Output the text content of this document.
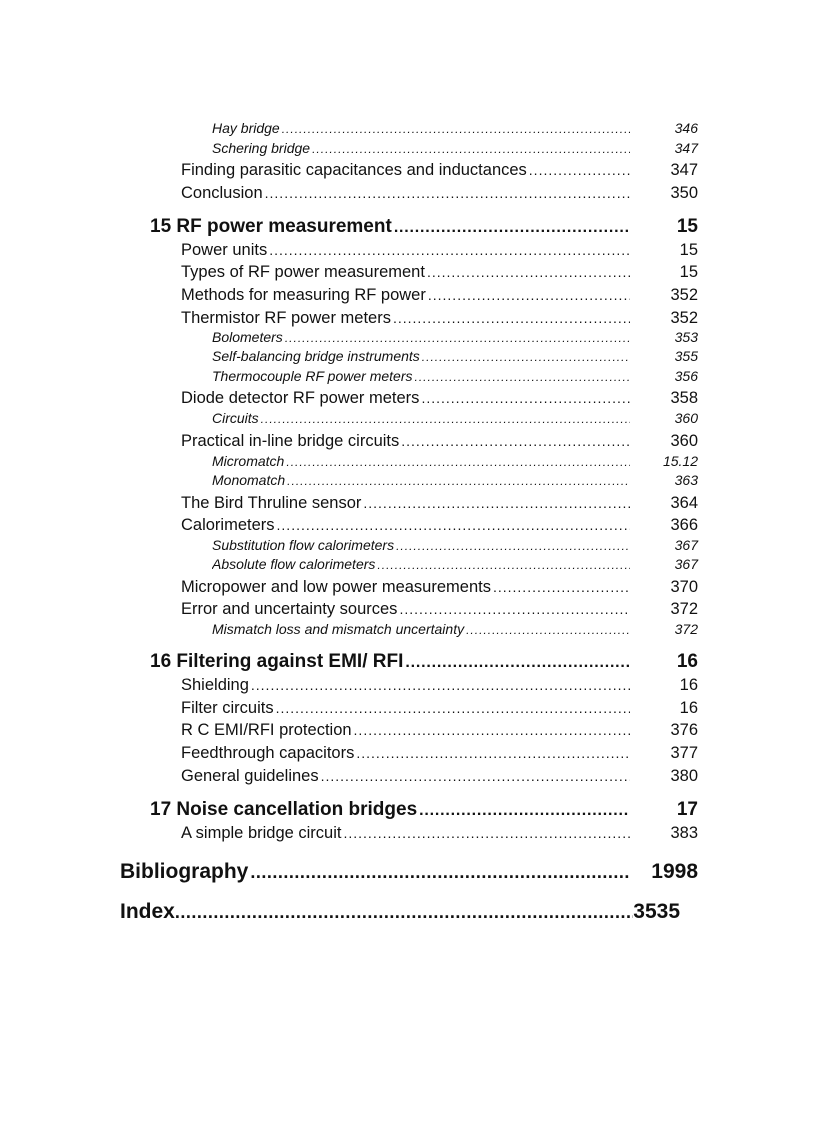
Hay bridge .....	346
Schering bridge .....	347
Finding parasitic capacitances and inductances .....	347
Conclusion .....	350
15 RF power measurement .....	15
Power units .....	15
Types of RF power measurement .....	15
Methods for measuring RF power .....	352
Thermistor RF power meters .....	352
Bolometers .....	353
Self-balancing bridge instruments .....	355
Thermocouple RF power meters .....	356
Diode detector RF power meters .....	358
Circuits .....	360
Practical in-line bridge circuits .....	360
Micromatch .....	15.12
Monomatch .....	363
The Bird Thruline sensor .....	364
Calorimeters .....	366
Substitution flow calorimeters .....	367
Absolute flow calorimeters .....	367
Micropower and low power measurements .....	370
Error and uncertainty sources .....	372
Mismatch loss and mismatch uncertainty .....	372
16 Filtering against EMI/ RFI .....	16
Shielding .....	16
Filter circuits .....	16
R C EMI/RFI protection .....	376
Feedthrough capacitors .....	377
General guidelines .....	380
17 Noise cancellation bridges .....	17
A simple bridge circuit .....	383
Bibliography .....	1998
Index .....	3535
